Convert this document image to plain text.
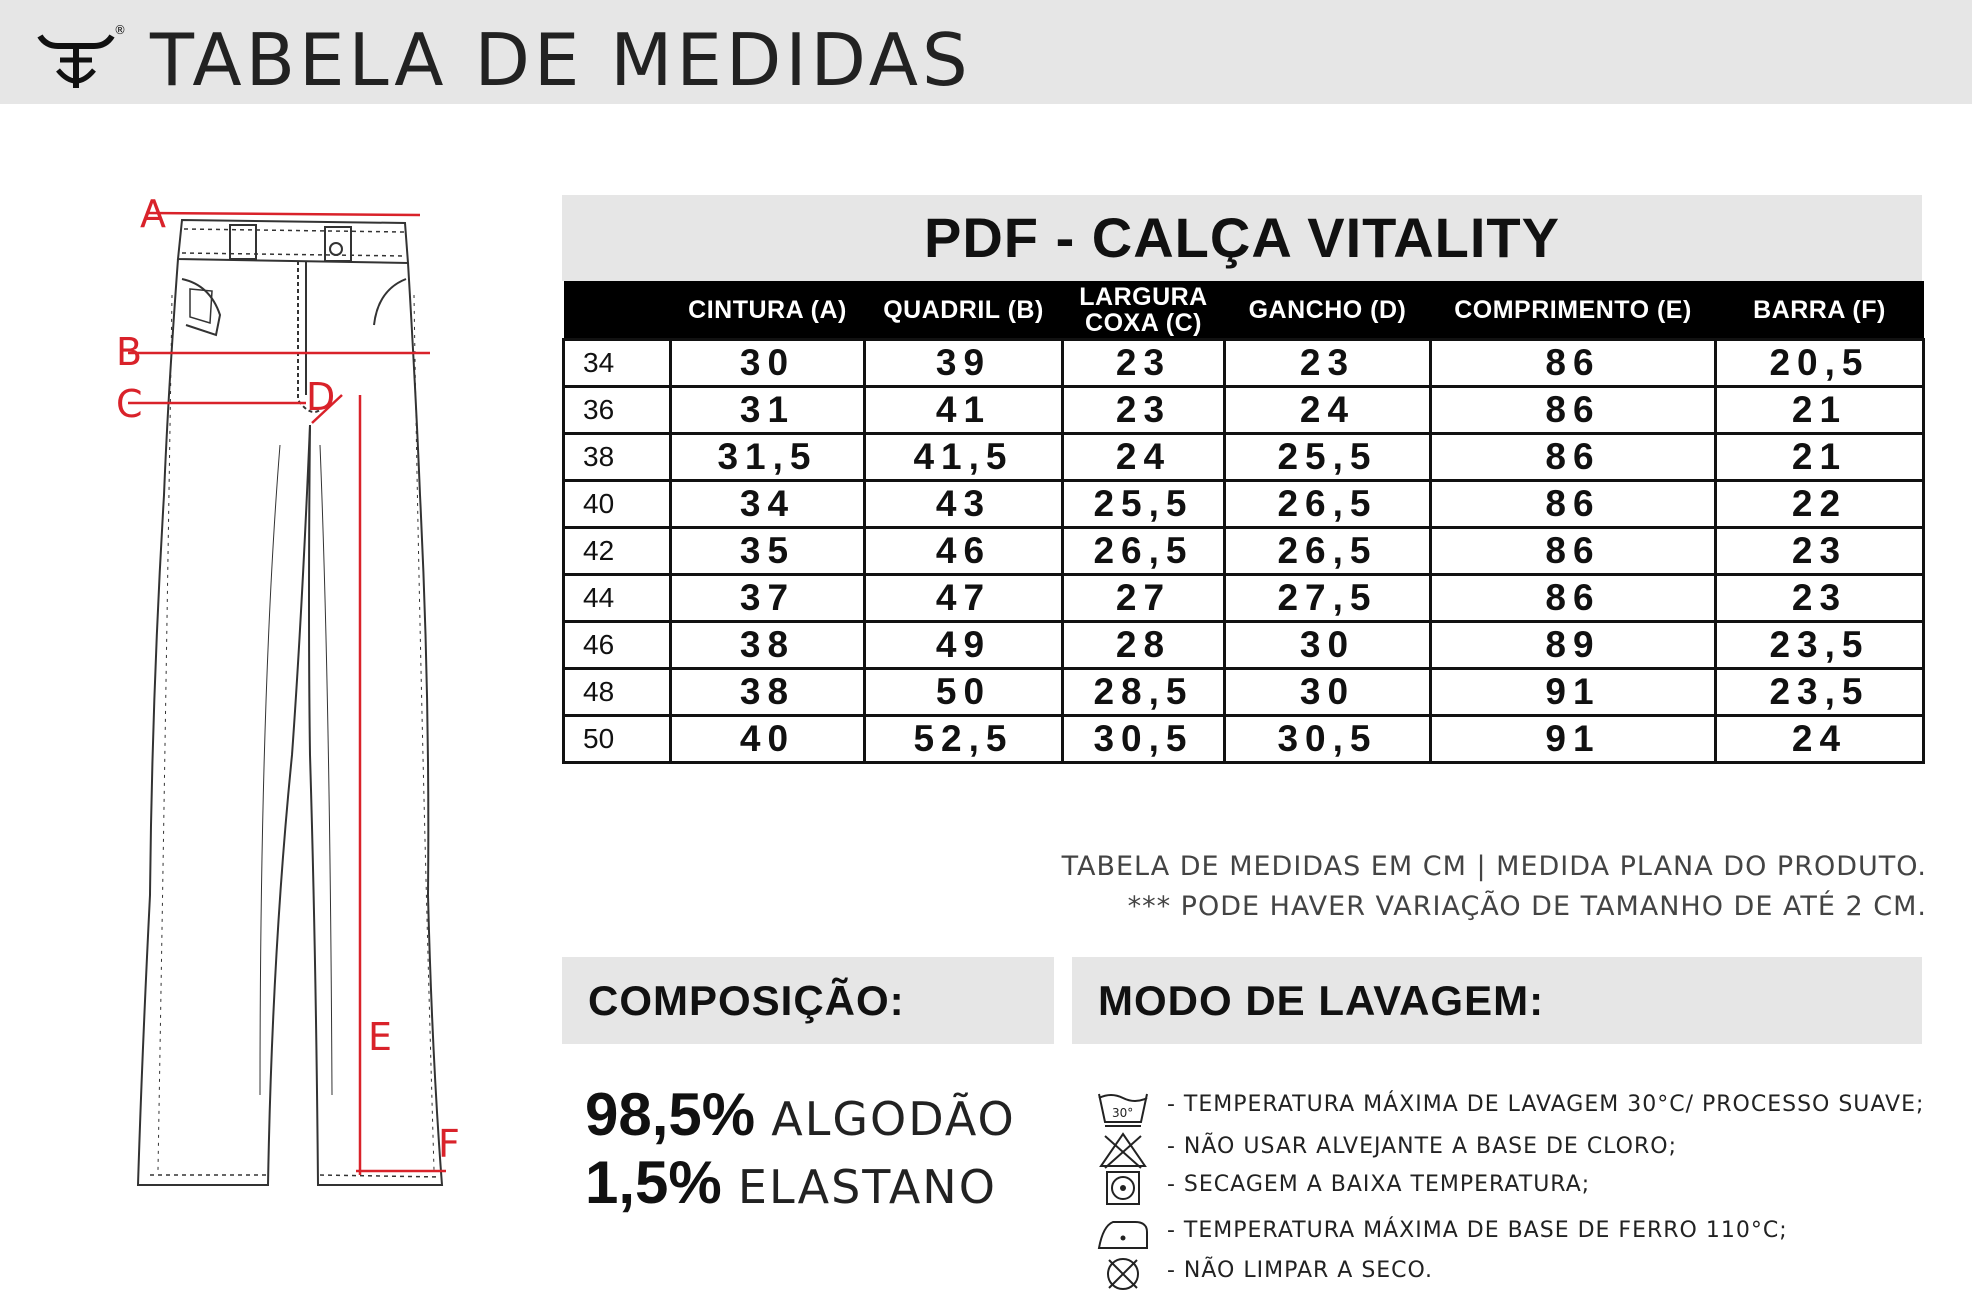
® TABELA DE MEDIDAS
A
B
C	D
E
F
PDF - CALÇA VITALITY
	CINTURA (A)	QUADRIL (B)	LARGURA COXA (C)	GANCHO (D)	COMPRIMENTO (E)	BARRA (F)
34	30	39	23	23	86	20,5
36	31	41	23	24	86	21
38	31,5	41,5	24	25,5	86	21
40	34	43	25,5	26,5	86	22
42	35	46	26,5	26,5	86	23
44	37	47	27	27,5	86	23
46	38	49	28	30	89	23,5
48	38	50	28,5	30	91	23,5
50	40	52,5	30,5	30,5	91	24
TABELA DE MEDIDAS EM CM | MEDIDA PLANA DO PRODUTO.
*** PODE HAVER VARIAÇÃO DE TAMANHO DE ATÉ 2 CM.
COMPOSIÇÃO:
98,5% ALGODÃO
1,5% ELASTANO
MODO DE LAVAGEM:
30° - TEMPERATURA MÁXIMA DE LAVAGEM 30°C/ PROCESSO SUAVE;
- NÃO USAR ALVEJANTE A BASE DE CLORO;
- SECAGEM A BAIXA TEMPERATURA;
- TEMPERATURA MÁXIMA DE BASE DE FERRO 110°C;
- NÃO LIMPAR A SECO.
